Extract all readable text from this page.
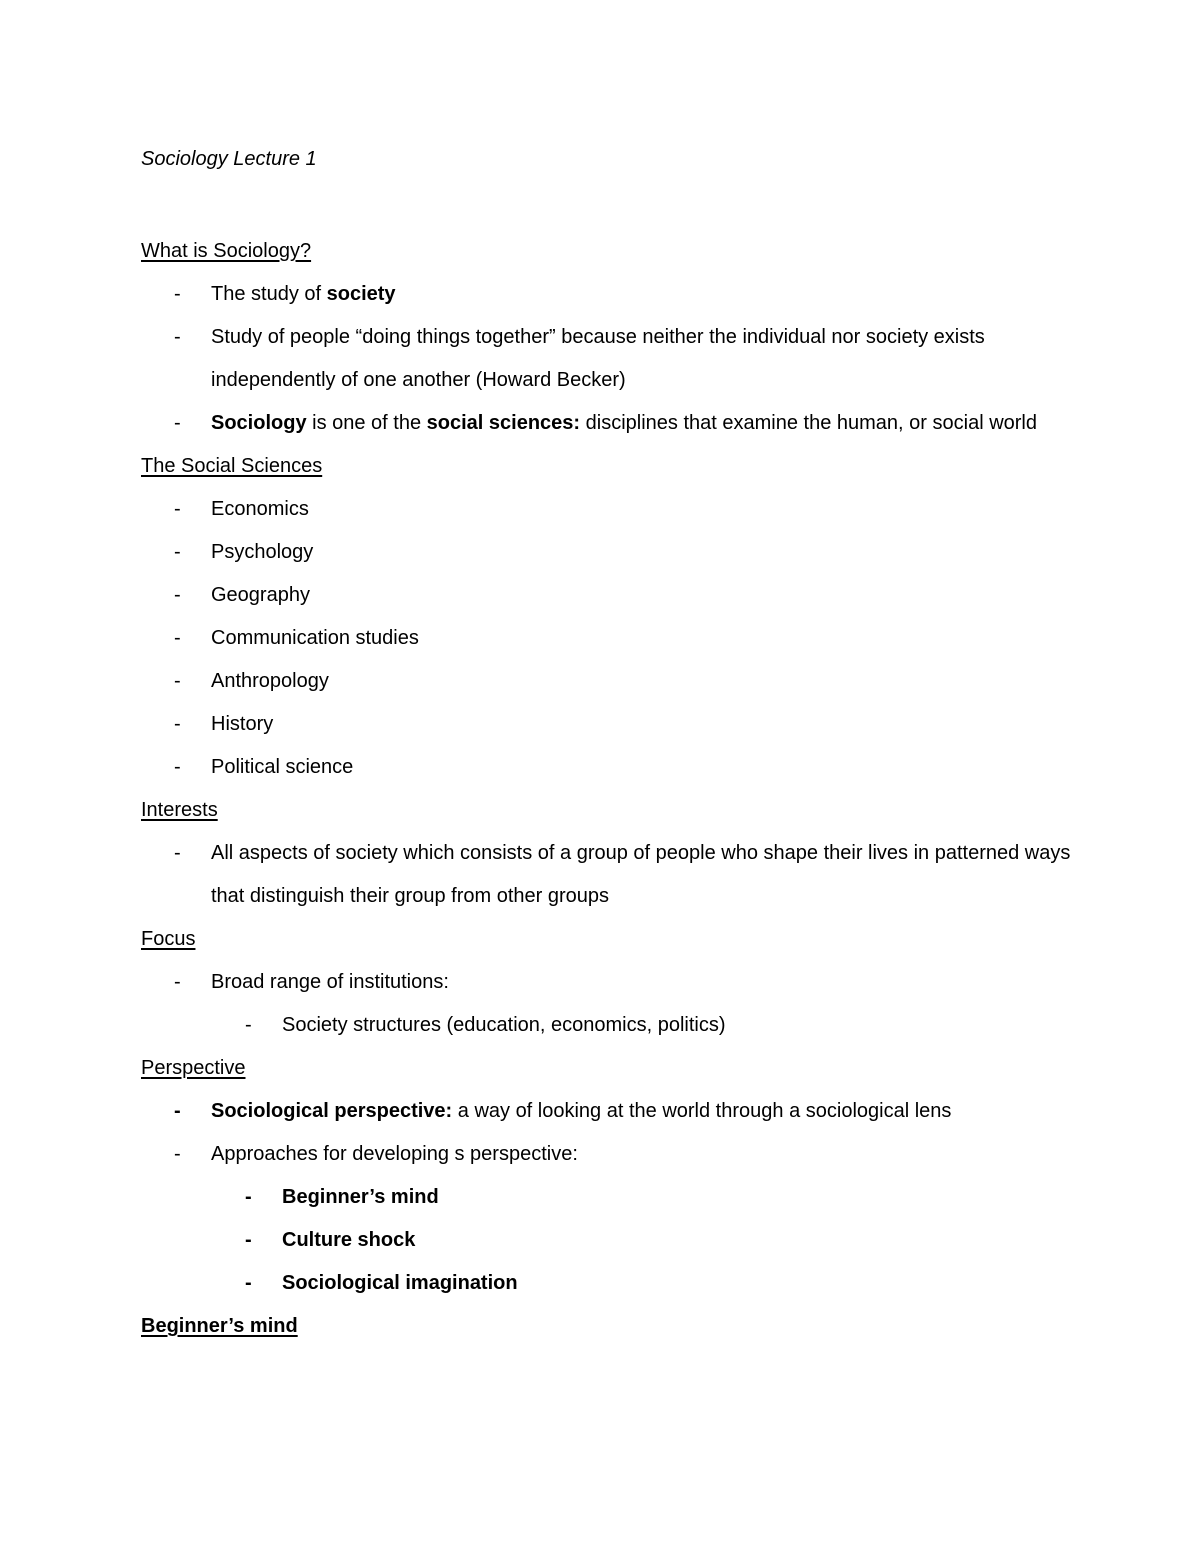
Sociology Lecture 1
What is Sociology?
- The study of society
- Study of people “doing things together” because neither the individual nor society exists independently of one another (Howard Becker)
- Sociology is one of the social sciences: disciplines that examine the human, or social world
The Social Sciences
- Economics
- Psychology
- Geography
- Communication studies
- Anthropology
- History
- Political science
Interests
- All aspects of society which consists of a group of people who shape their lives in patterned ways that distinguish their group from other groups
Focus
- Broad range of institutions:
- Society structures (education, economics, politics)
Perspective
- Sociological perspective: a way of looking at the world through a sociological lens
- Approaches for developing s perspective:
- Beginner’s mind
- Culture shock
- Sociological imagination
Beginner’s mind
